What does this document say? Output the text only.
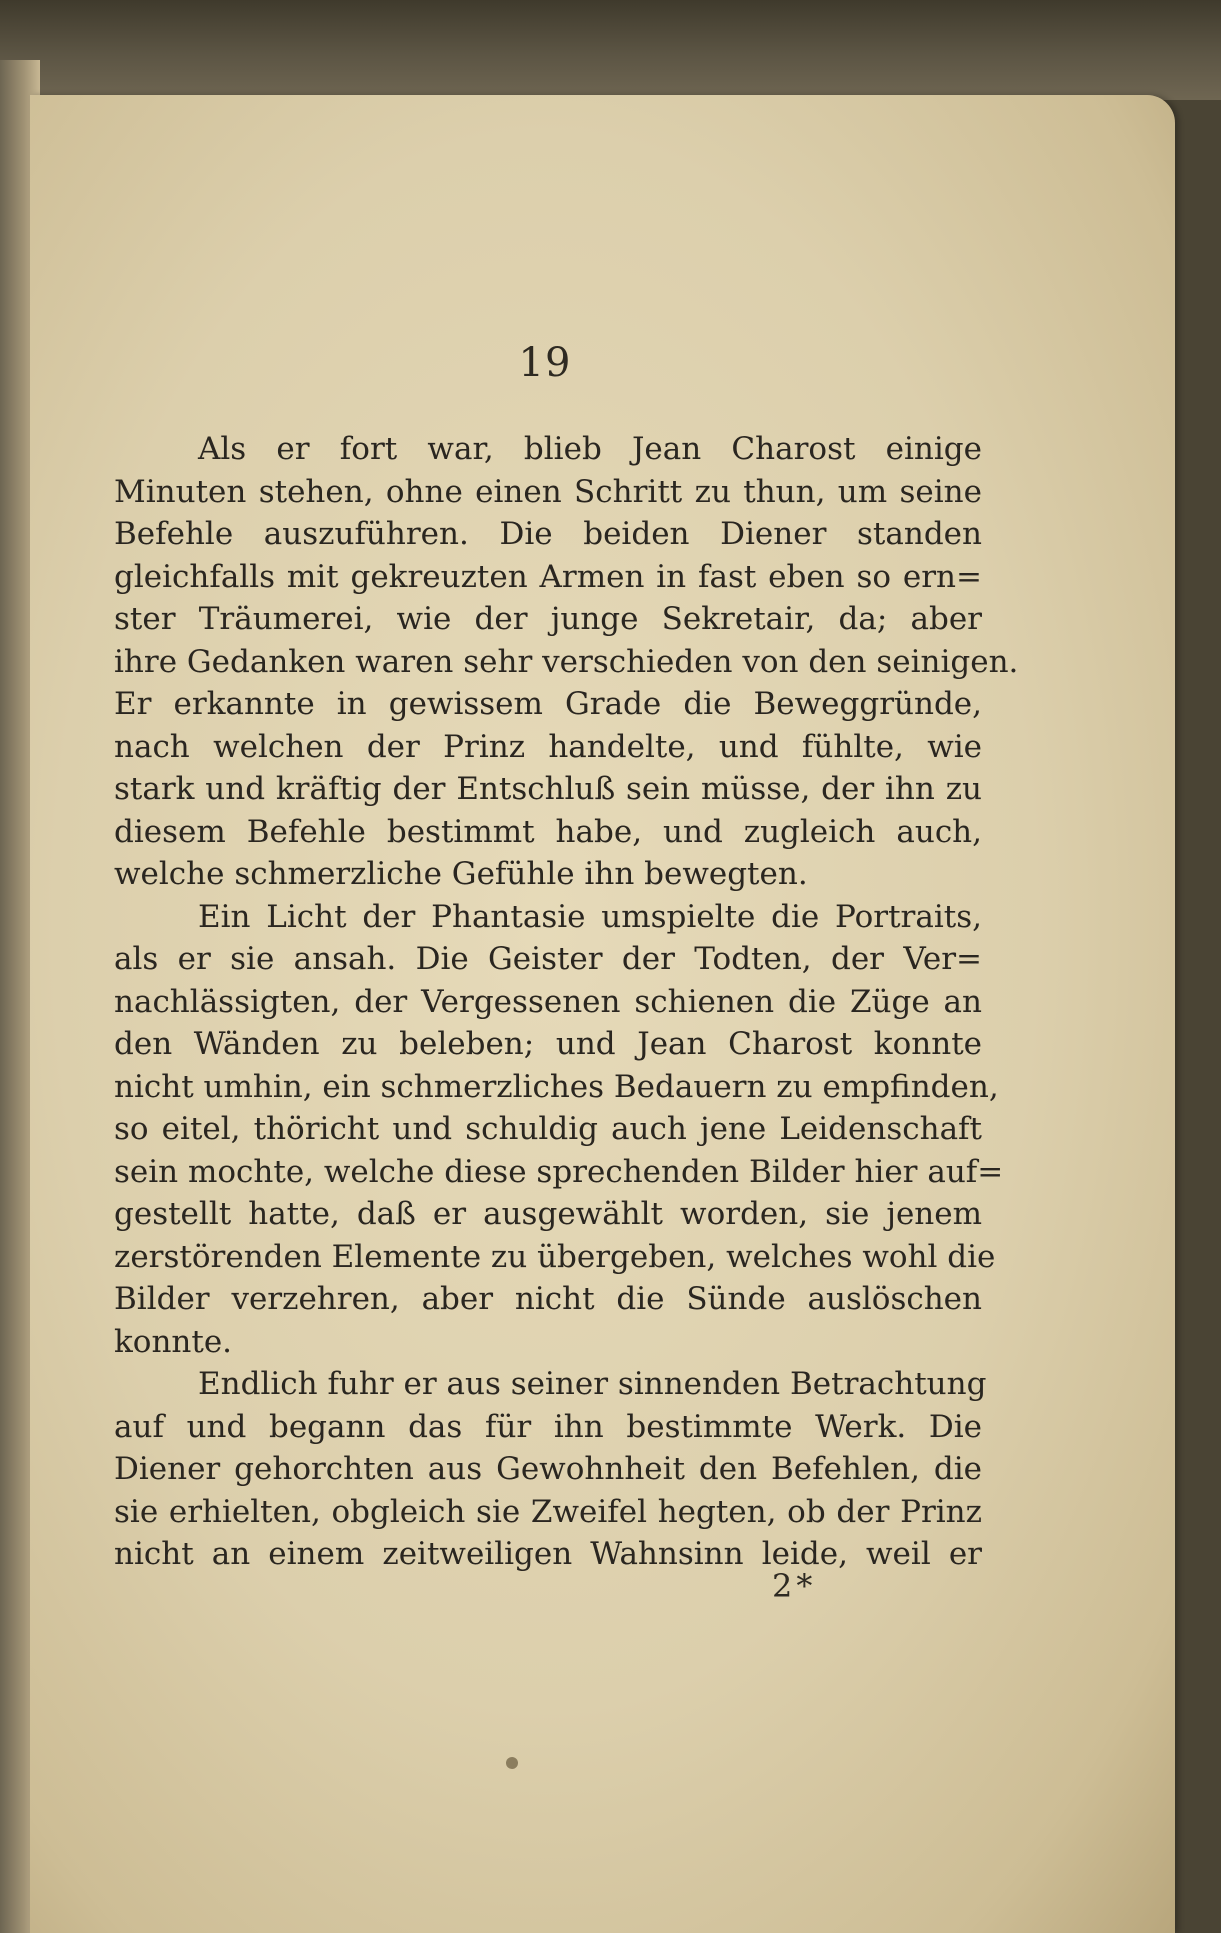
19
Als er fort war, blieb Jean Charost einige
Minuten stehen, ohne einen Schritt zu thun, um seine
Befehle auszuführen. Die beiden Diener standen
gleichfalls mit gekreuzten Armen in fast eben so ern=
ster Träumerei, wie der junge Sekretair, da; aber
ihre Gedanken waren sehr verschieden von den seinigen.
Er erkannte in gewissem Grade die Beweggründe,
nach welchen der Prinz handelte, und fühlte, wie
stark und kräftig der Entschluß sein müsse, der ihn zu
diesem Befehle bestimmt habe, und zugleich auch,
welche schmerzliche Gefühle ihn bewegten.
Ein Licht der Phantasie umspielte die Portraits,
als er sie ansah. Die Geister der Todten, der Ver=
nachlässigten, der Vergessenen schienen die Züge an
den Wänden zu beleben; und Jean Charost konnte
nicht umhin, ein schmerzliches Bedauern zu empfinden,
so eitel, thöricht und schuldig auch jene Leidenschaft
sein mochte, welche diese sprechenden Bilder hier auf=
gestellt hatte, daß er ausgewählt worden, sie jenem
zerstörenden Elemente zu übergeben, welches wohl die
Bilder verzehren, aber nicht die Sünde auslöschen
konnte.
Endlich fuhr er aus seiner sinnenden Betrachtung
auf und begann das für ihn bestimmte Werk. Die
Diener gehorchten aus Gewohnheit den Befehlen, die
sie erhielten, obgleich sie Zweifel hegten, ob der Prinz
nicht an einem zeitweiligen Wahnsinn leide, weil er
2*
